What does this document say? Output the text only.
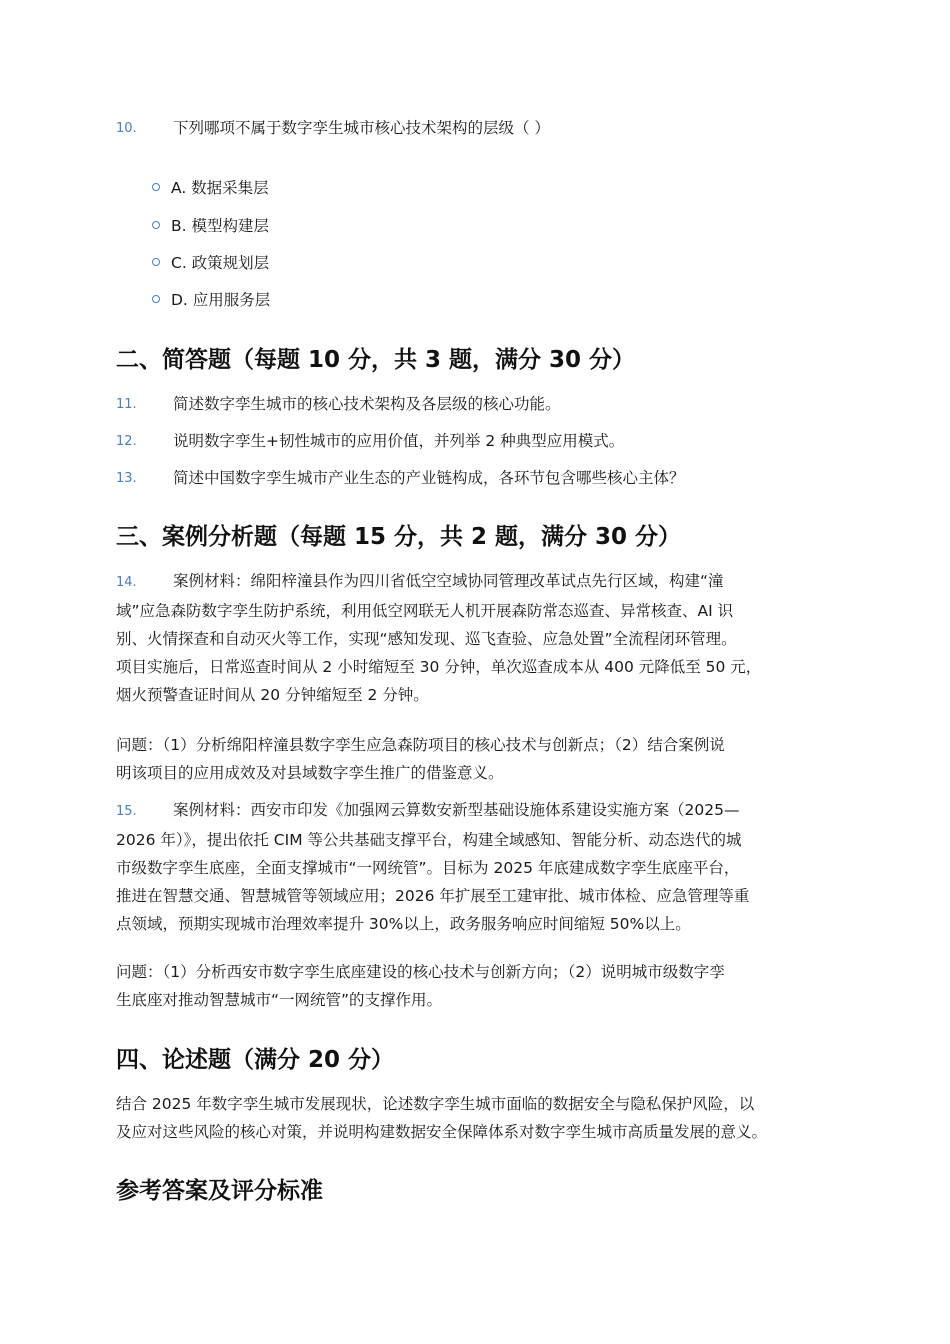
10. 下列哪项不属于数字孪生城市核心技术架构的层级（ ）
A. 数据采集层
B. 模型构建层
C. 政策规划层
D. 应用服务层
二、简答题（每题 10 分，共 3 题，满分 30 分）
11. 简述数字孪生城市的核心技术架构及各层级的核心功能。
12. 说明数字孪生+韧性城市的应用价值，并列举 2 种典型应用模式。
13. 简述中国数字孪生城市产业生态的产业链构成，各环节包含哪些核心主体？
三、案例分析题（每题 15 分，共 2 题，满分 30 分）
14. 案例材料：绵阳梓潼县作为四川省低空空域协同管理改革试点先行区域，构建“潼
域”应急森防数字孪生防护系统，利用低空网联无人机开展森防常态巡查、异常核查、AI 识
别、火情探查和自动灭火等工作，实现“感知发现、巡飞查验、应急处置”全流程闭环管理。
项目实施后，日常巡查时间从 2 小时缩短至 30 分钟，单次巡查成本从 400 元降低至 50 元，
烟火预警查证时间从 20 分钟缩短至 2 分钟。
问题：（1）分析绵阳梓潼县数字孪生应急森防项目的核心技术与创新点；（2）结合案例说
明该项目的应用成效及对县域数字孪生推广的借鉴意义。
15. 案例材料：西安市印发《加强网云算数安新型基础设施体系建设实施方案（2025—
2026 年）》，提出依托 CIM 等公共基础支撑平台，构建全域感知、智能分析、动态迭代的城
市级数字孪生底座，全面支撑城市“一网统管”。目标为 2025 年底建成数字孪生底座平台，
推进在智慧交通、智慧城管等领域应用；2026 年扩展至工建审批、城市体检、应急管理等重
点领域，预期实现城市治理效率提升 30%以上，政务服务响应时间缩短 50%以上。
问题：（1）分析西安市数字孪生底座建设的核心技术与创新方向；（2）说明城市级数字孪
生底座对推动智慧城市“一网统管”的支撑作用。
四、论述题（满分 20 分）
结合 2025 年数字孪生城市发展现状，论述数字孪生城市面临的数据安全与隐私保护风险，以
及应对这些风险的核心对策，并说明构建数据安全保障体系对数字孪生城市高质量发展的意义。
参考答案及评分标准
